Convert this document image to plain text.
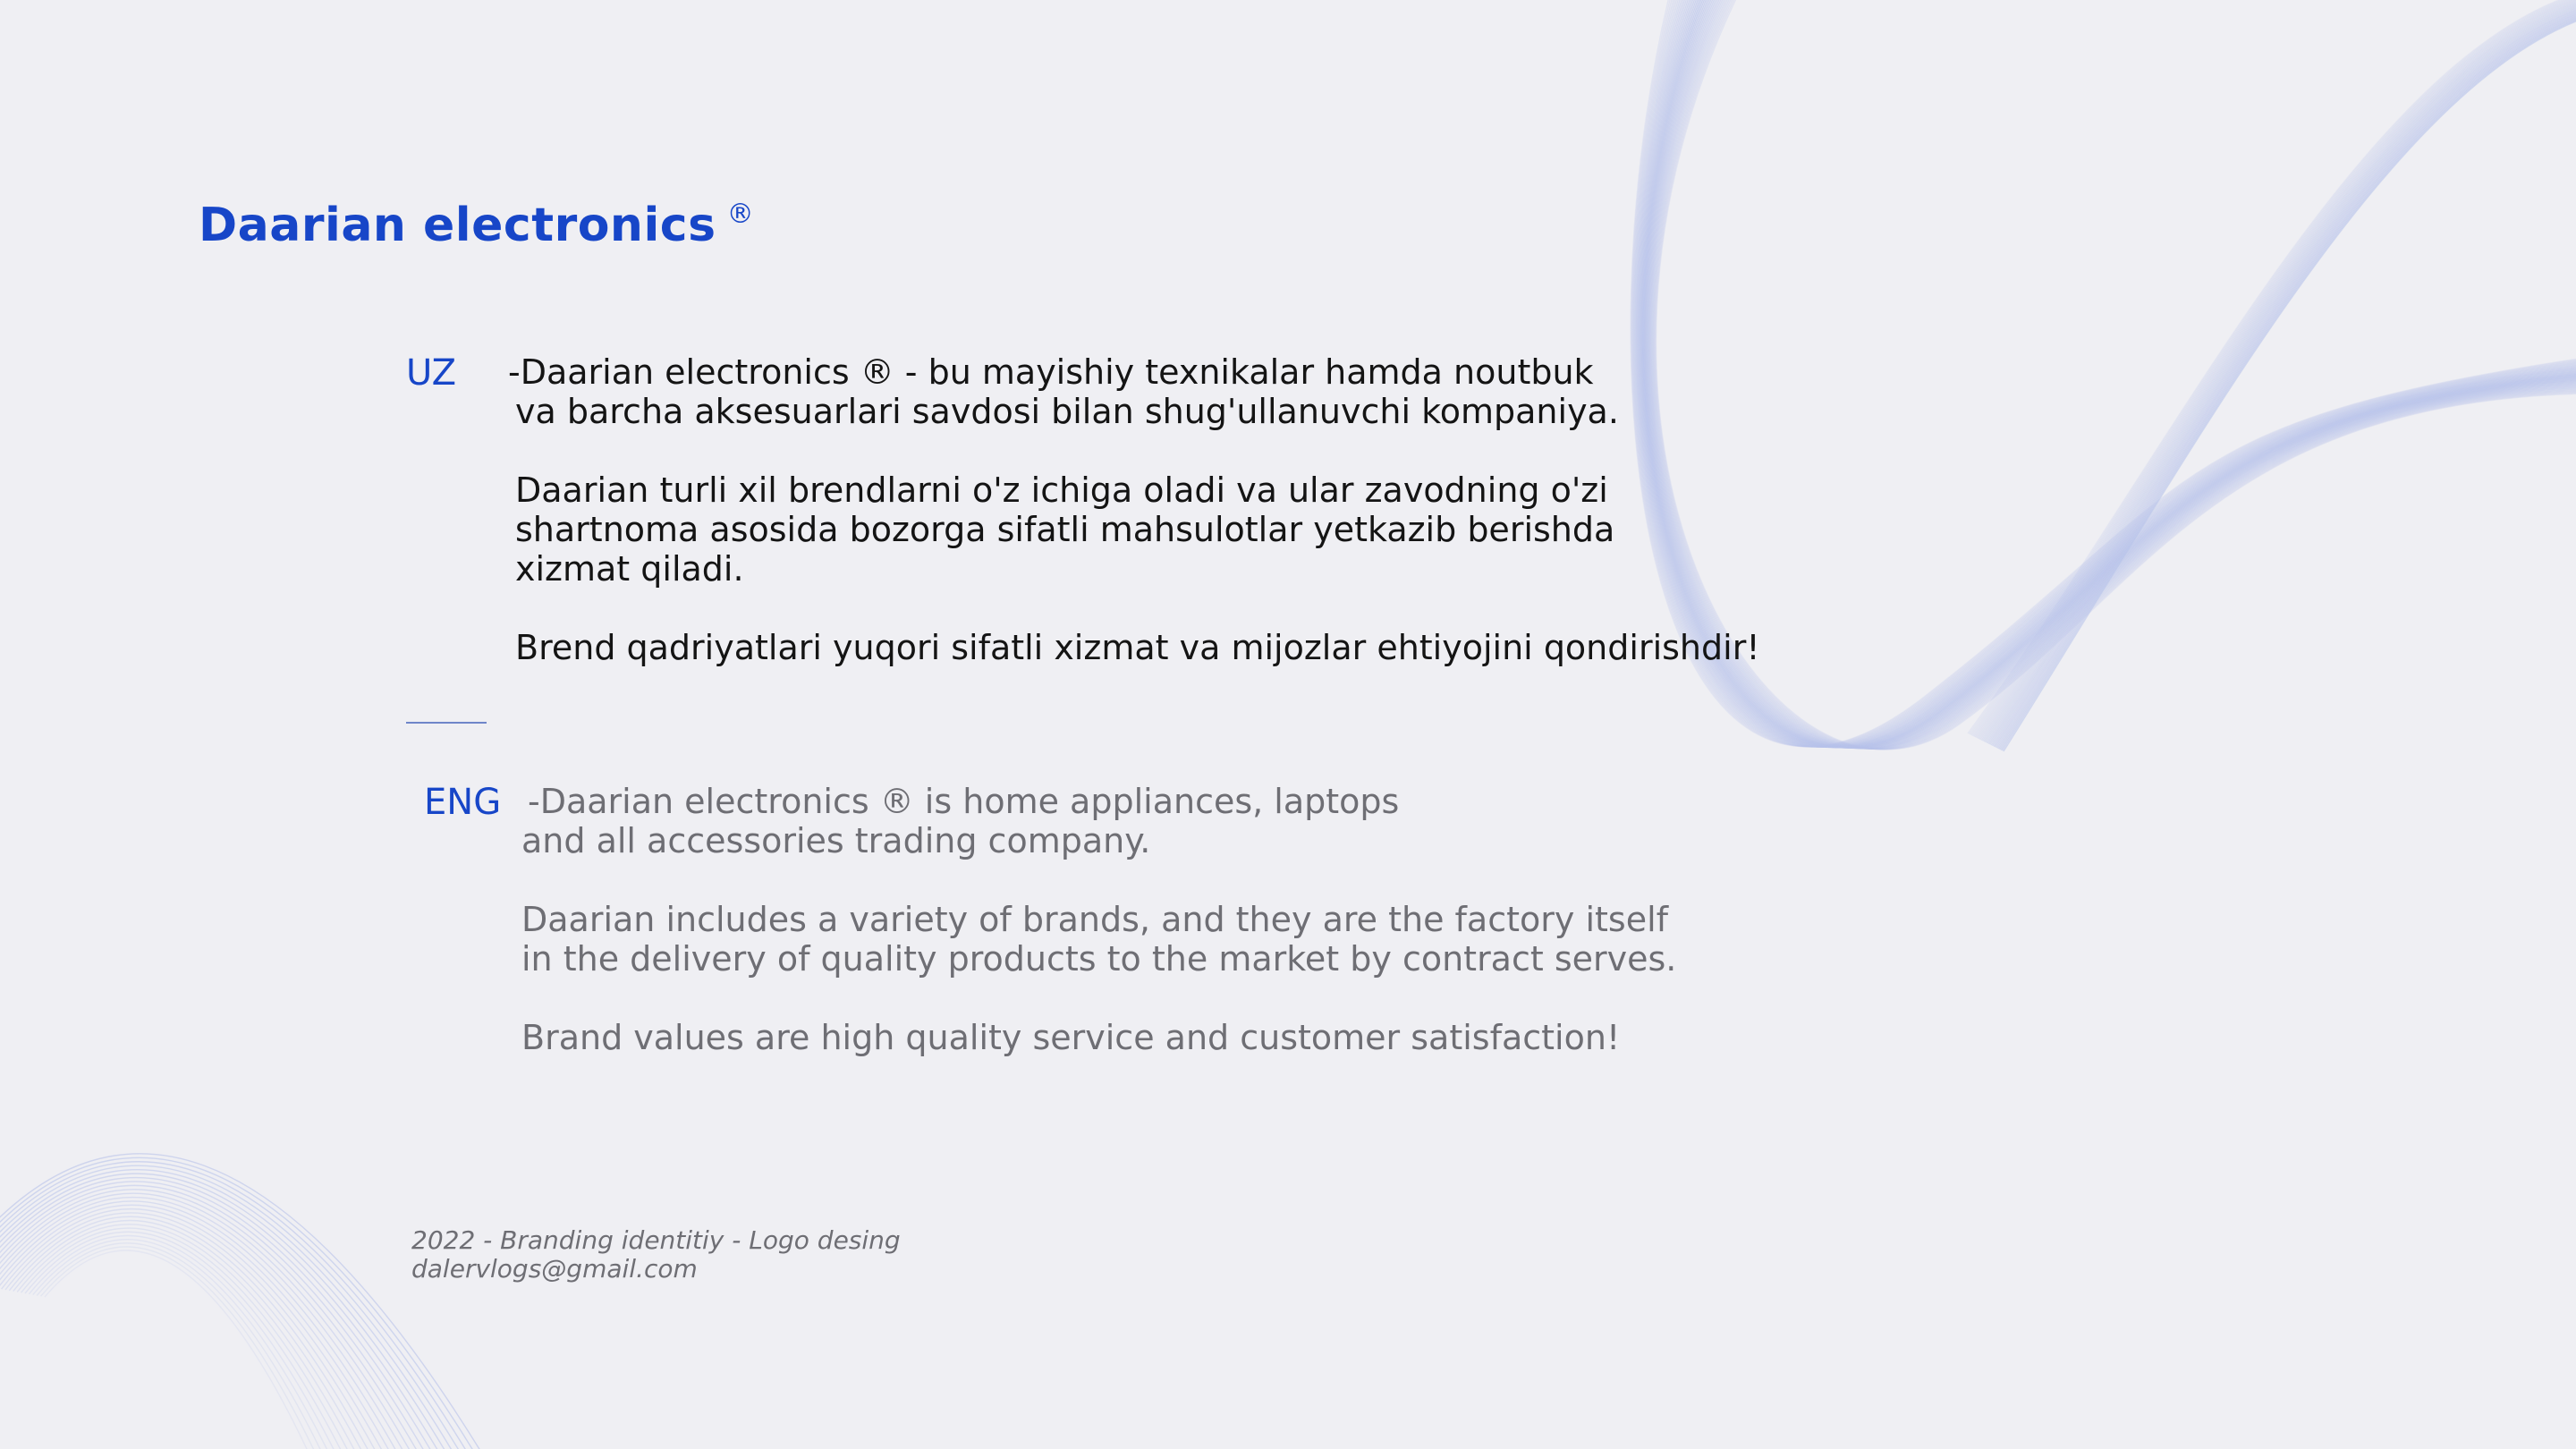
Daarian electronics ®
UZ -Daarian electronics ® - bu mayishiy texnikalar hamda noutbuk

va barcha aksesuarlari savdosi bilan shug'ullanuvchi kompaniya.

Daarian turli xil brendlarni o'z ichiga oladi va ular zavodning o'zi

shartnoma asosida bozorga sifatli mahsulotlar yetkazib berishda

xizmat qiladi.

Brend qadriyatlari yuqori sifatli xizmat va mijozlar ehtiyojini qondirishdir!

ENG -Daarian electronics ® is home appliances, laptops

and all accessories trading company.

Daarian includes a variety of brands, and they are the factory itself

in the delivery of quality products to the market by contract serves.

Brand values are high quality service and customer satisfaction!

2022 - Branding identitiy - Logo desing
dalervlogs@gmail.com
